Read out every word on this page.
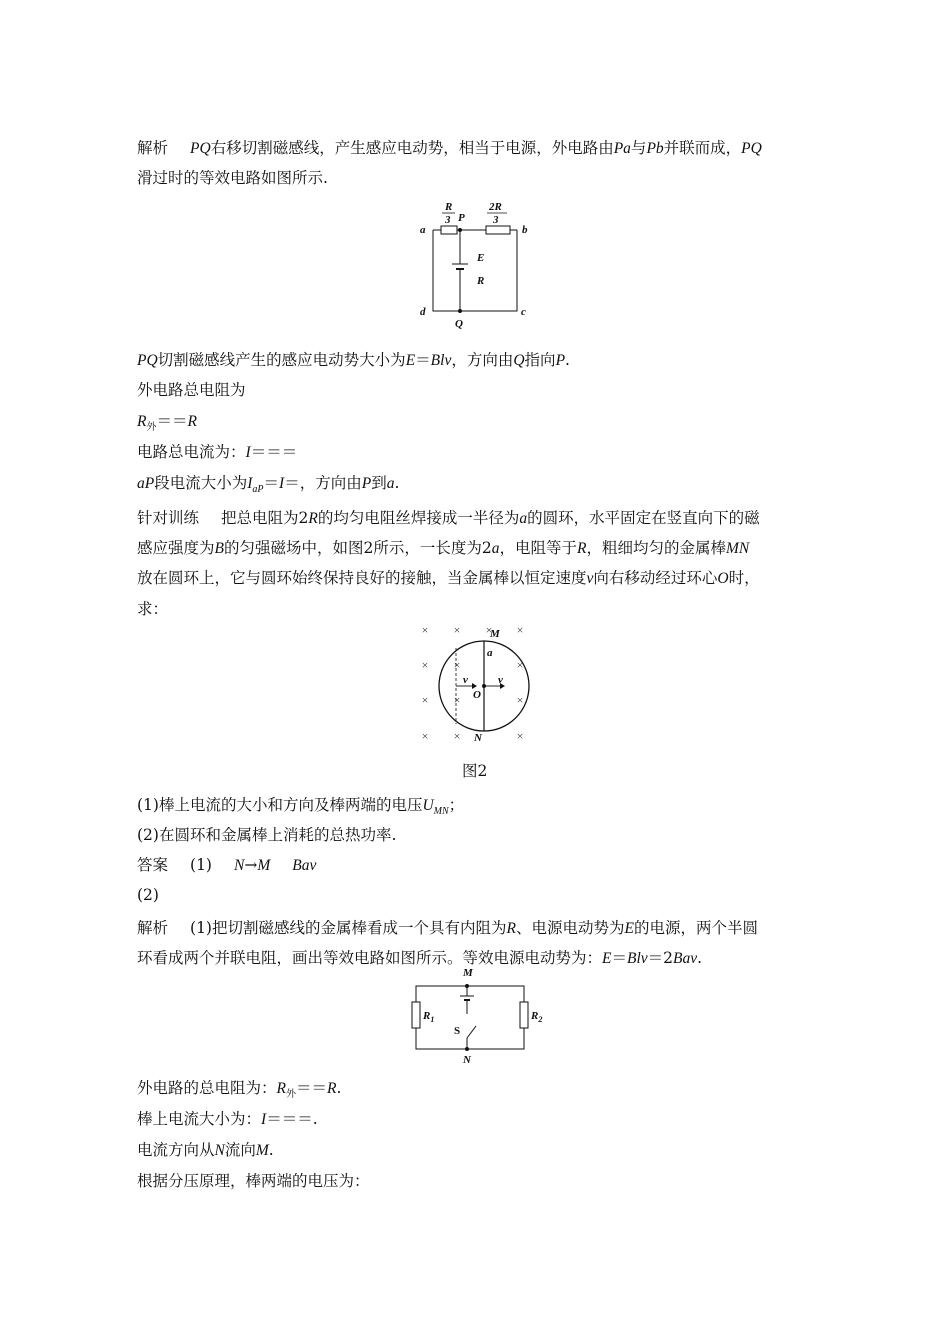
解析 PQ右移切割磁感线，产生感应电动势，相当于电源，外电路由Pa与Pb并联而成，PQ
滑过时的等效电路如图所示.
R
3
2R
3
a	b
P
E
R
d	c
Q
PQ切割磁感线产生的感应电动势大小为E＝Blv，方向由Q指向P.
外电路总电阻为
$R_外==R$
电路总电流为：I＝＝＝
aP段电流大小为$I_{aP}=I=$，方向由P到a.
针对训练 把总电阻为2R的均匀电阻丝焊接成一半径为a的圆环，水平固定在竖直向下的磁
感应强度为B的匀强磁场中，如图2所示，一长度为2a，电阻等于R，粗细均匀的金属棒MN
放在圆环上，它与圆环始终保持良好的接触，当金属棒以恒定速度v向右移动经过环心O时，
求：
× × × ×
×	×
×	×
× ×	×
×
×
M
N
O
a
v	v
图2
(1)棒上电流的大小和方向及棒两端的电压$U_{MN}$；
(2)在圆环和金属棒上消耗的总热功率.
答案 (1) N→M Bav
(2)
解析 (1)把切割磁感线的金属棒看成一个具有内阻为R、电源电动势为E的电源，两个半圆
环看成两个并联电阻，画出等效电路如图所示。等效电源电动势为：E＝Blv＝2Bav.
M
N
S
$R_1$	$R_2$
外电路的总电阻为：$R_外==R$.
棒上电流大小为：I＝＝＝.
电流方向从N流向M.
根据分压原理，棒两端的电压为：
